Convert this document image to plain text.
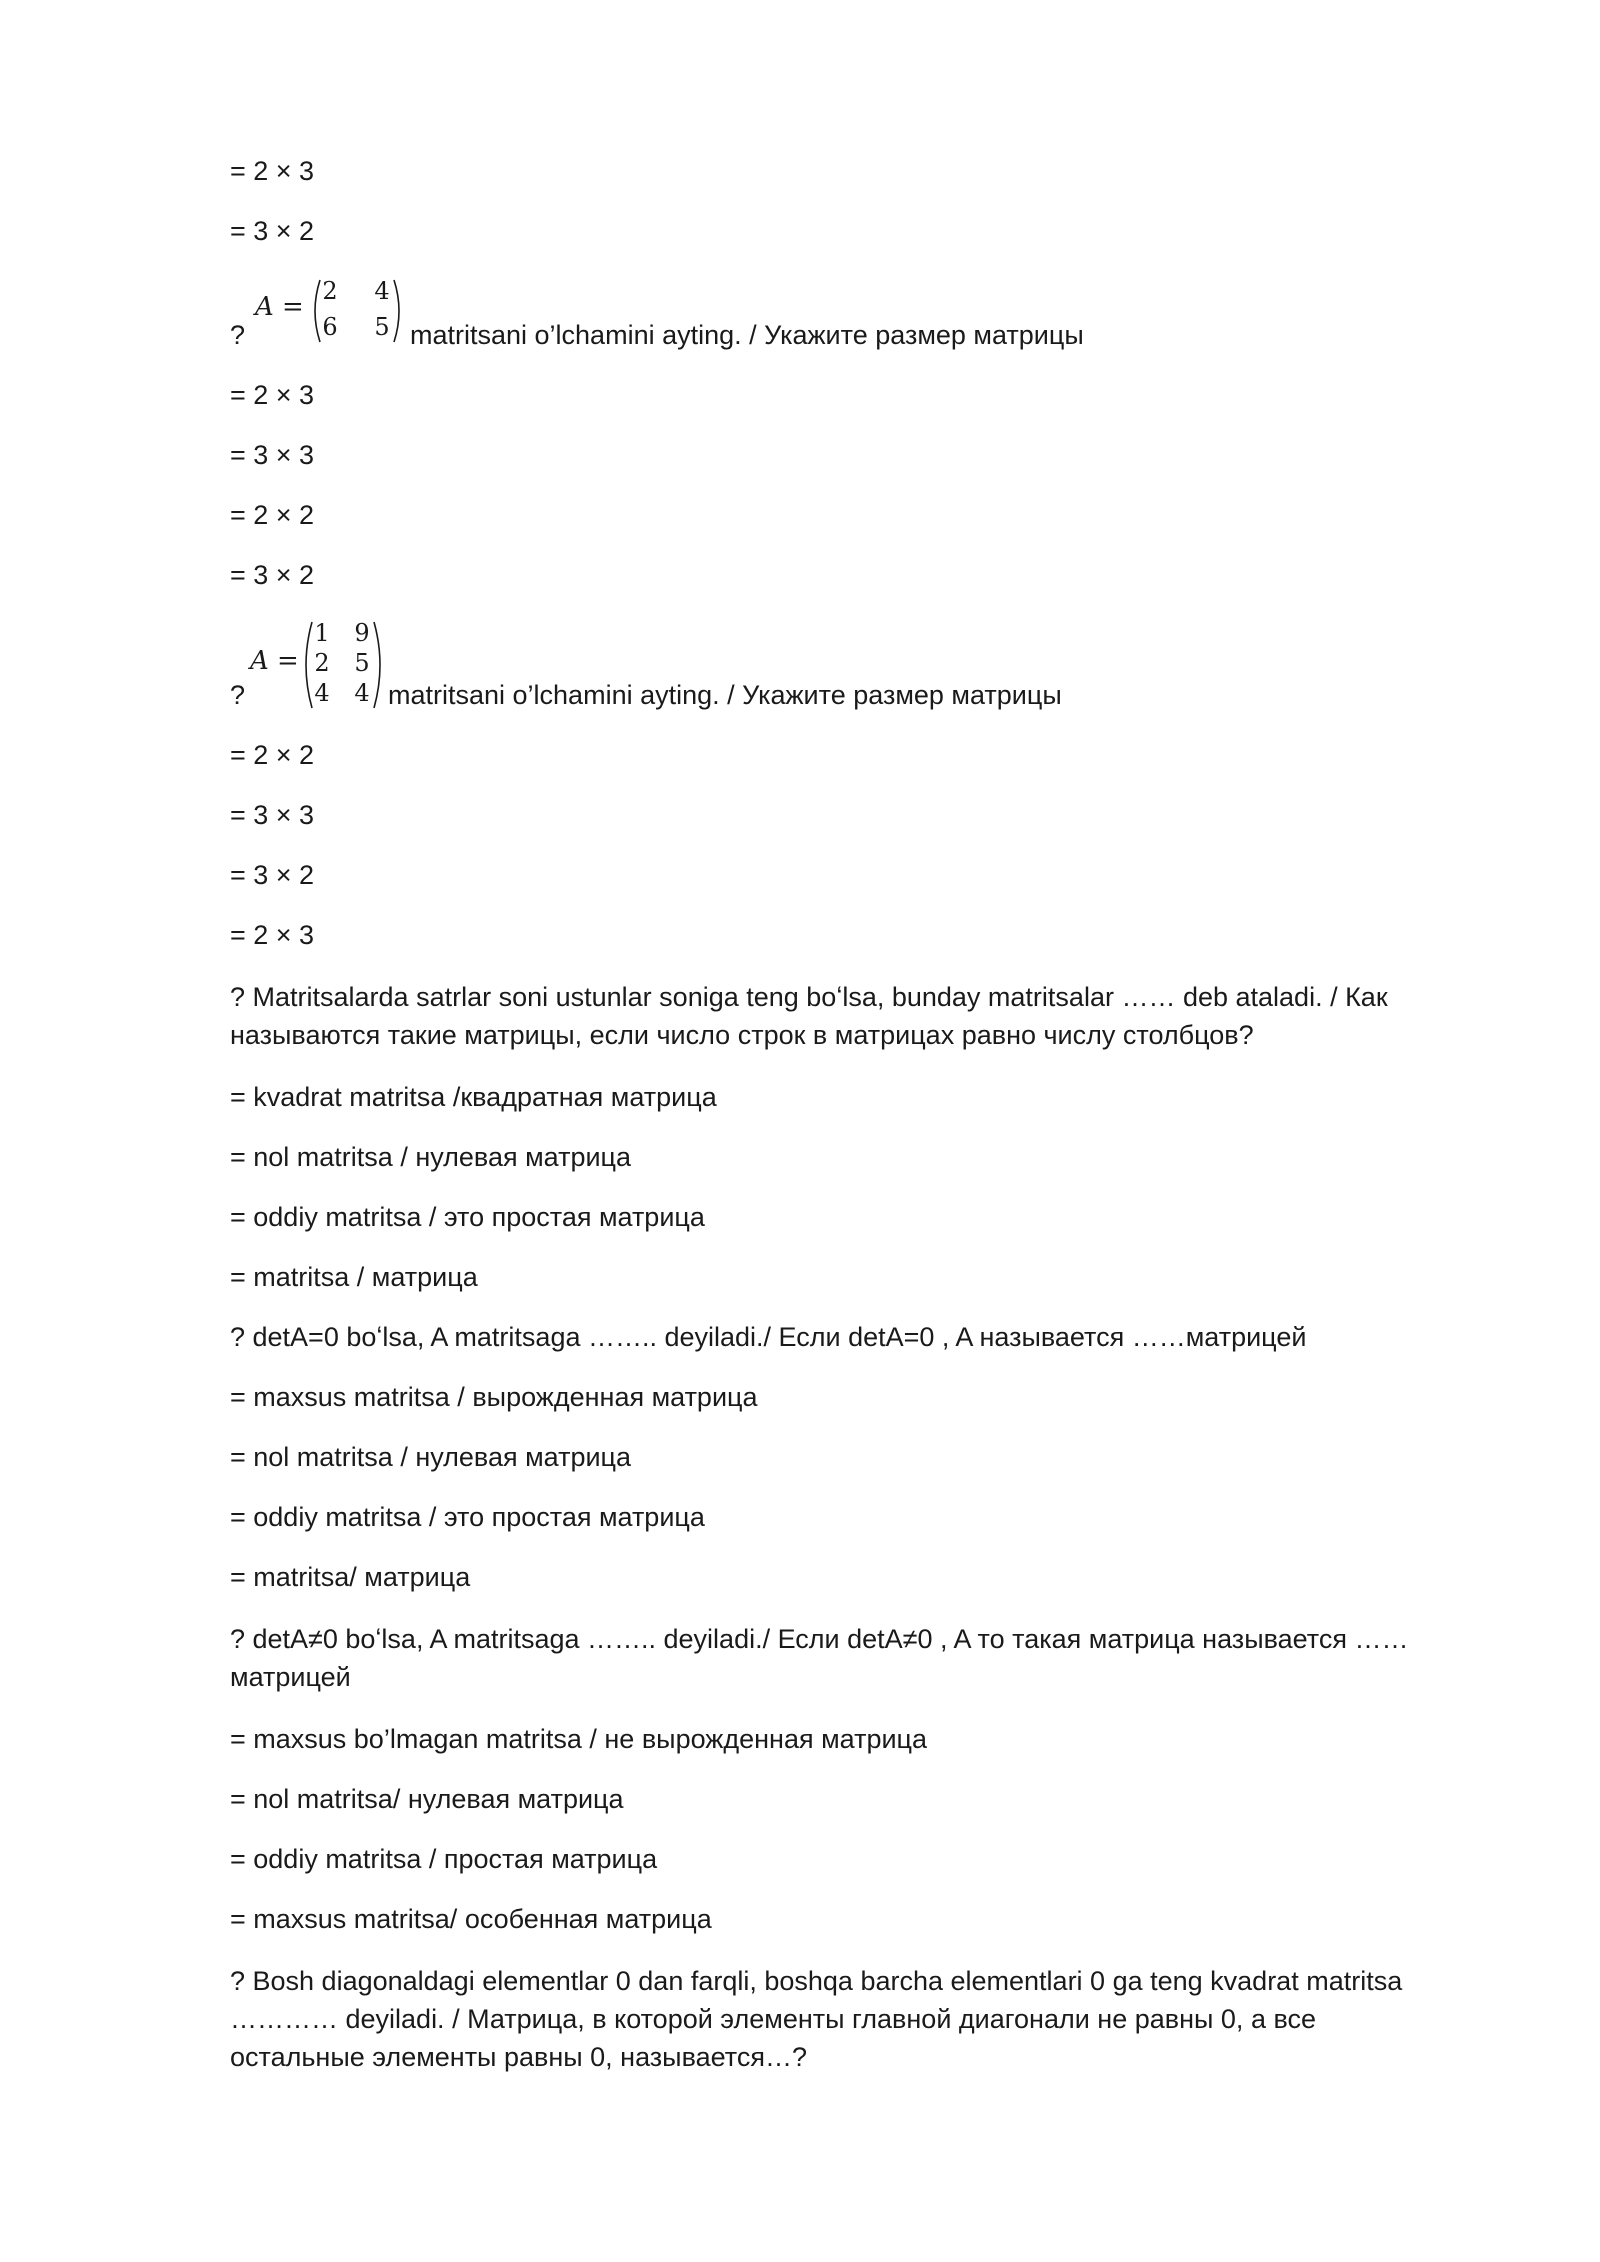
= 2 × 3
= 3 × 2
?
A =
2 4
6 5 matritsani o’lchamini ayting. / Укажите размер матрицы
= 2 × 3
= 3 × 3
= 2 × 2
= 3 × 2
?
A =
1 9
2 5
4 4 matritsani o’lchamini ayting. / Укажите размер матрицы
= 2 × 2
= 3 × 3
= 3 × 2
= 2 × 3
? Matritsalarda satrlar soni ustunlar soniga teng boʻlsa, bunday matritsalar …… deb ataladi. / Как называются такие матрицы, если число строк в матрицах равно числу столбцов?
= kvadrat matritsa /квадратная матрица
= nol matritsa / нулевая матрица
= oddiy matritsa / это простая матрица
= matritsa / матрица
? detA=0 boʻlsa, A matritsaga …….. deyiladi./ Если detA=0 , A называется ……матрицей
= maxsus matritsa / вырожденная матрица
= nol matritsa / нулевая матрица
= oddiy matritsa / это простая матрица
= matritsa/ матрица
? detA≠0 boʻlsa, A matritsaga …….. deyiladi./ Если detA≠0 , A то такая матрица называется …… матрицей
= maxsus bo’lmagan matritsa / не вырожденная матрица
= nol matritsa/ нулевая матрица
= oddiy matritsa / простая матрица
= maxsus matritsa/ особенная матрица
? Bosh diagonaldagi elementlar 0 dan farqli, boshqa barcha elementlari 0 ga teng kvadrat matritsa ………… deyiladi. / Матрица, в которой элементы главной диагонали не равны 0, а все остальные элементы равны 0, называется…?
